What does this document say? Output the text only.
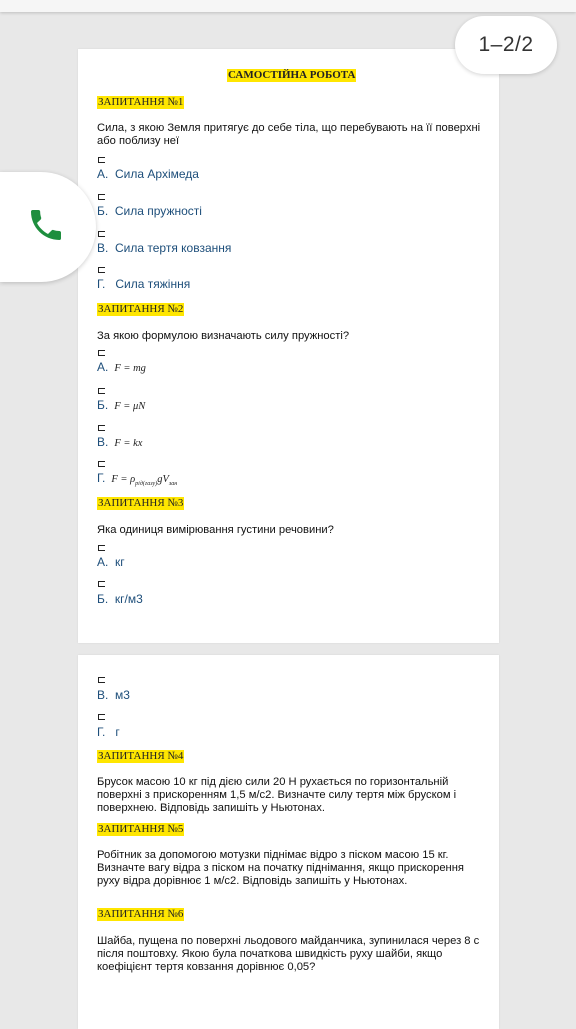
САМОСТІЙНА РОБОТА
ЗАПИТАННЯ №1
Сила, з якою Земля притягує до себе тіла, що перебувають на її поверхні або поблизу неї
А. Сила Архімеда
Б. Сила пружності
В. Сила тертя ковзання
Г. Сила тяжіння
ЗАПИТАННЯ №2
За якою формулою визначають силу пружності?
А. F = mg
Б. F = μN
В. F = kx
Г. $F = \rho_{рід(газу)}gV_{зан}$
ЗАПИТАННЯ №3
Яка одиниця вимірювання густини речовини?
А. кг
Б. кг/м3
В. м3
Г. г
ЗАПИТАННЯ №4
Брусок масою 10 кг під дією сили 20 Н рухається по горизонтальній поверхні з прискоренням 1,5 м/с2. Визначте силу тертя між бруском і поверхнею. Відповідь запишіть у Ньютонах.
ЗАПИТАННЯ №5
Робітник за допомогою мотузки піднімає відро з піском масою 15 кг. Визначте вагу відра з піском на початку піднімання, якщо прискорення руху відра дорівнює 1 м/с2. Відповідь запишіть у Ньютонах.
ЗАПИТАННЯ №6
Шайба, пущена по поверхні льодового майданчика, зупинилася через 8 с після поштовху. Якою була початкова швидкість руху шайби, якщо коефіцієнт тертя ковзання дорівнює 0,05?
1–2/2
